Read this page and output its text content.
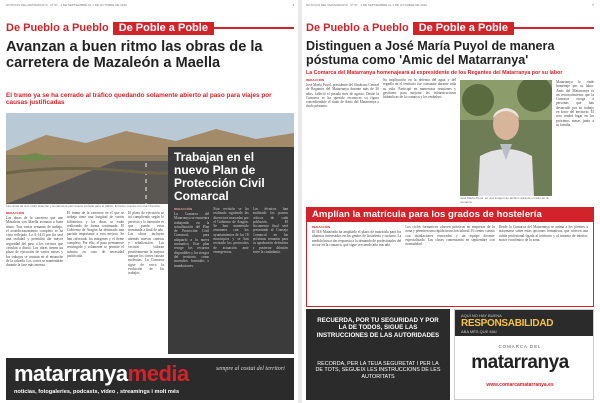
NOTICIAS DEL MATARRANYA · Nº 57 · 1 DE SEPTIEMBRE AL 1 DE OCTUBRE DE 2022	4
De Pueblo a Pueblo De Poble a Poble
Avanzan a buen ritmo las obras de la carretera de Mazaleón a Maella
El tramo ya se ha cerrado al tráfico quedando solamente abierto al paso para viajes por causas justificadas
Las obras de la A-1413 avanzan y la carretera permanece cortada para el tráfico. El tramo cuenta con una inversión.
REDACCIÓN

Las obras de la carretera que une Mazaleón con Maella avanzan a buen ritmo. Tras varias semanas de trabajo, el acondicionamiento completo se ha visto reflejado. La A-1413 por fin será una realidad y permitirá dar mayor seguridad del paso a los vecinos que circulan a diario. Las obras tienen un plazo de ejecución de varios meses y los trabajos se centran en el ensanche de la calzada. Los cortes se mantendrán durante la fase más intensa.

El tramo de la carretera en el que se trabaja tiene una longitud de varios kilómetros y las obras se están realizando de forma continuada. El Gobierno de Aragón ha destinado una partida importante a esta mejora. Se han reforzado los márgenes y el firme completo. Por ello, el paso permanece restringido y solamente se permite el tránsito en caso de necesidad justificada.

El plazo de ejecución se irá cumpliendo según lo previsto y la intención es que pueda estar terminada a final de año. Las obras incluyen además nuevas cunetas y señalización. Los vecinos valoran positivamente la mejora aunque los cortes causan molestias. La Comarca sigue de cerca la evolución de los trabajos.

Trabajan en el nuevo Plan de Protección Civil Comarcal
REDACCIÓN

La Comarca del Matarranya se encuentra trabajando en la actualización del Plan de Protección Civil Comarcal, para adaptarlo a la nueva normativa. Este plan recoge los recursos disponibles y los riesgos del territorio, como incendios forestales o inundaciones.

Esta revisión se ha realizado siguiendo las directrices marcadas por el Gobierno de Aragón. Se han mantenido reuniones con los ayuntamientos de los 18 municipios y se han revisado los protocolos de actuación ante emergencias.

Los técnicos han analizado los puntos críticos de cada población. El documento final será presentado al Consejo Comarcal en las próximas semanas para su aprobación definitiva y posterior difusión entre la ciudadanía.

matarranyamedia	sempre al costat del territori
noticias, fotogaleries, podcasts, vídeo , streamings i molt més
NOTICIAS DEL MATARRANYA · Nº 57 · 1 DE SEPTIEMBRE AL 1 DE OCTUBRE DE 2022	5
De Pueblo a Pueblo De Poble a Poble
Distinguen a José María Puyol de manera póstuma como 'Amic del Matarranya'
La Comarca del Matarranya homenajeará al expresidente de los Regantes del Matarranya por su labor
REDACCIÓN

José María Puyol, presidente del Sindicato Central de Regantes del Matarranya durante más de 20 años, falleció el pasado mes de agosto. Desde la Comarca se ha querido reconocer su figura concediéndole el título de Amic del Matarranya a título póstumo.

Su implicación en la defensa del agua y del regadío en el territorio fue constante durante toda su vida. Participó en numerosas reuniones y gestiones para mejorar las infraestructuras hidráulicas de la comarca y los embalses.

José María Puyol, en una imagen de archivo durante un acto en la comarca.

Matarranya le rinde homenaje por su labor. Amic del Matarranya es un reconocimiento que la Comarca otorga a personas que han destacado por su trabajo en favor del territorio. El acto tendrá lugar en los próximos meses junto a su familia.

Amplían la matrícula para los grados de hostelería
REDACCIÓN

El IES Matarraña ha ampliado el plazo de matrícula para los alumnos interesados en los grados de hostelería y turismo. La medida busca dar respuesta a la demanda de profesionales del sector en la comarca, que sigue creciendo año tras año.

Los ciclos formativos ofrecen prácticas en empresas de la zona y permiten una rápida inserción laboral. El centro cuenta con instalaciones renovadas y un equipo docente especializado. Las clases comenzarán en septiembre con normalidad.

Desde la Comarca del Matarranya se anima a los jóvenes a informarse sobre estas opciones formativas, que ofrecen una salida profesional ligada al territorio y al turismo de interior, motor económico de la zona.

RECUERDA, POR TU SEGURIDAD Y POR LA DE TODOS, SIGUE LAS INSTRUCCIONES DE LAS AUTORIDADES
RECORDA, PER LA TEUA SEGURETAT I PER LA DE TOTS, SEGUEIX LES INSTRUCCIONS DE LES AUTORITATS
AQUÍ NO HAY BUENA
RESPONSABILIDAD
ABA MÉS QUE MAI
COMARCA DEL
matarranya
www.comarcamatarranya.es
